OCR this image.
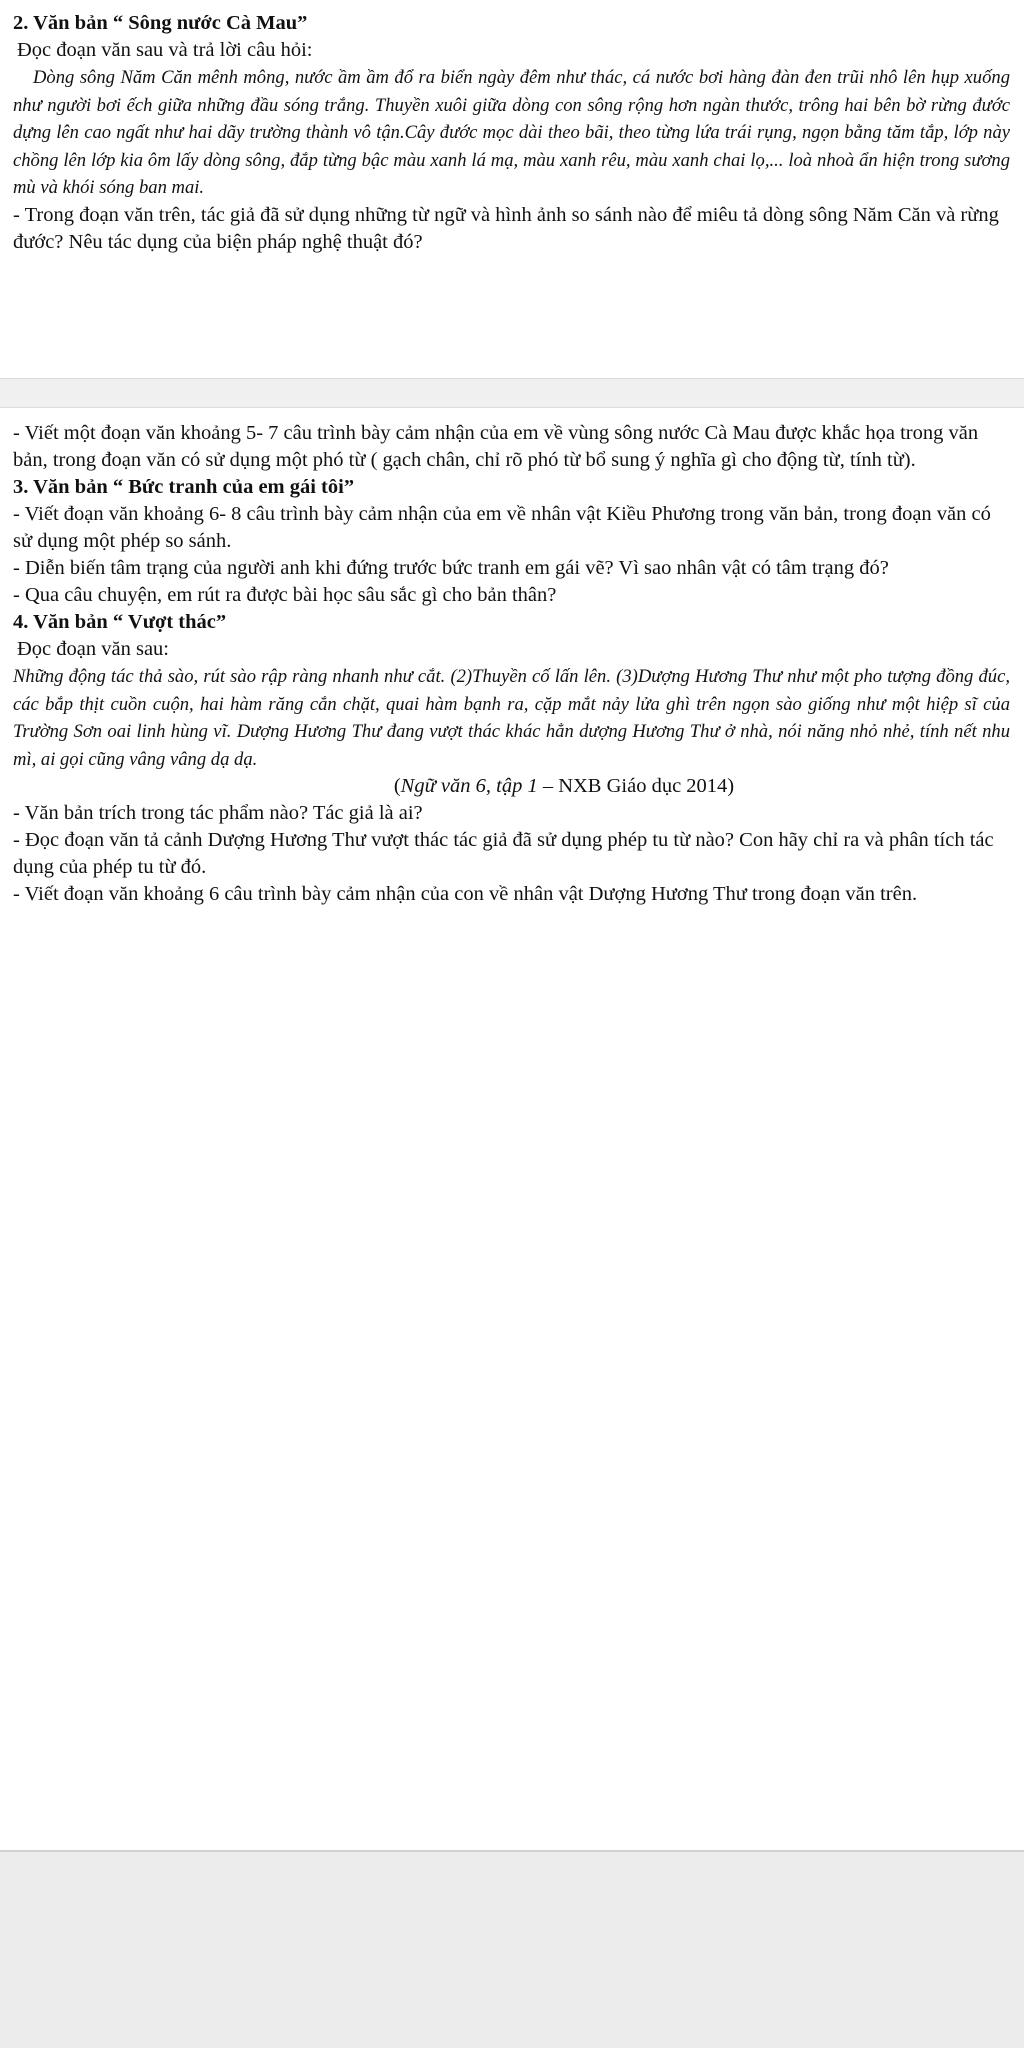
2. Văn bản “ Sông nước Cà Mau”

Đọc đoạn văn sau và trả lời câu hỏi:

Dòng sông Năm Căn mênh mông, nước ầm ầm đổ ra biển ngày đêm như thác, cá nước bơi hàng đàn đen trũi nhô lên hụp xuống như người bơi ếch giữa những đầu sóng trắng. Thuyền xuôi giữa dòng con sông rộng hơn ngàn thước, trông hai bên bờ rừng đước dựng lên cao ngất như hai dãy trường thành vô tận.Cây đước mọc dài theo bãi, theo từng lứa trái rụng, ngọn bằng tăm tắp, lớp này chồng lên lớp kia ôm lấy dòng sông, đắp từng bậc màu xanh lá mạ, màu xanh rêu, màu xanh chai lọ,... loà nhoà ẩn hiện trong sương mù và khói sóng ban mai.

- Trong đoạn văn trên, tác giả đã sử dụng những từ ngữ và hình ảnh so sánh nào để miêu tả dòng sông Năm Căn và rừng đước? Nêu tác dụng của biện pháp nghệ thuật đó?

- Viết một đoạn văn khoảng 5- 7 câu trình bày cảm nhận của em về vùng sông nước Cà Mau được khắc họa trong văn bản, trong đoạn văn có sử dụng một phó từ ( gạch chân, chỉ rõ phó từ bổ sung ý nghĩa gì cho động từ, tính từ).

3. Văn bản “ Bức tranh của em gái tôi”

- Viết đoạn văn khoảng 6- 8 câu trình bày cảm nhận của em về nhân vật Kiều Phương trong văn bản, trong đoạn văn có sử dụng một phép so sánh.

- Diễn biến tâm trạng của người anh khi đứng trước bức tranh em gái vẽ? Vì sao nhân vật có tâm trạng đó?

- Qua câu chuyện, em rút ra được bài học sâu sắc gì cho bản thân?

4. Văn bản “ Vượt thác”

Đọc đoạn văn sau:

Những động tác thả sào, rút sào rập ràng nhanh như cắt. (2)Thuyền cố lấn lên. (3)Dượng Hương Thư như một pho tượng đồng đúc, các bắp thịt cuồn cuộn, hai hàm răng cắn chặt, quai hàm bạnh ra, cặp mắt nảy lửa ghì trên ngọn sào giống như một hiệp sĩ của Trường Sơn oai linh hùng vĩ. Dượng Hương Thư đang vượt thác khác hẳn dượng Hương Thư ở nhà, nói năng nhỏ nhẻ, tính nết nhu mì, ai gọi cũng vâng vâng dạ dạ.

(Ngữ văn 6, tập 1 – NXB Giáo dục 2014)

- Văn bản trích trong tác phẩm nào? Tác giả là ai?

- Đọc đoạn văn tả cảnh Dượng Hương Thư vượt thác tác giả đã sử dụng phép tu từ nào? Con hãy chỉ ra và phân tích tác dụng của phép tu từ đó.

- Viết đoạn văn khoảng 6 câu trình bày cảm nhận của con về nhân vật Dượng Hương Thư trong đoạn văn trên.
